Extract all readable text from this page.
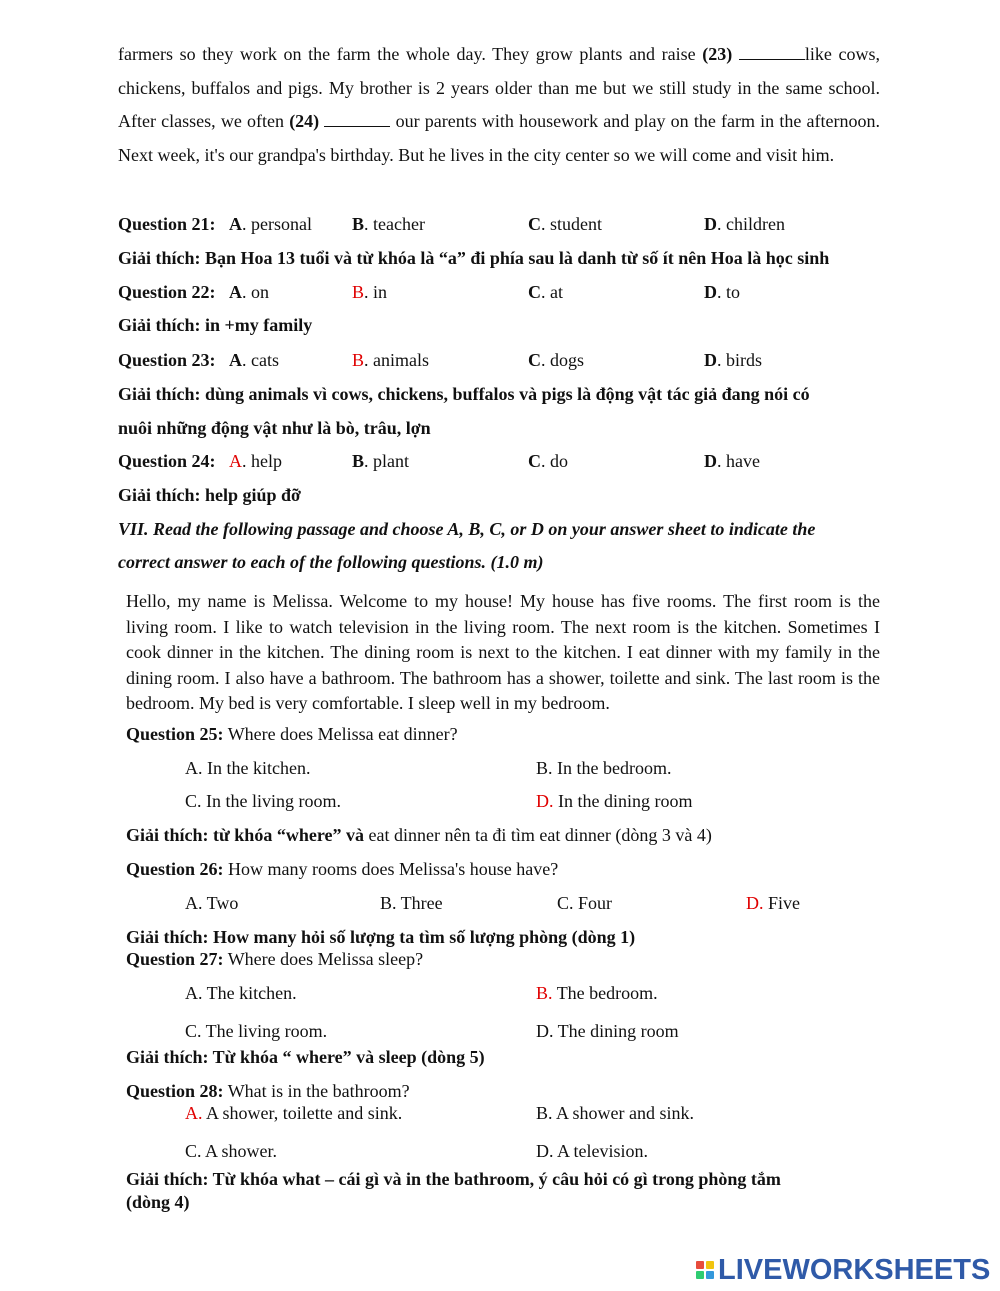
farmers so they work on the farm the whole day. They grow plants and raise (23)	like cows, chickens, buffalos and pigs. My brother is 2 years older than me but we still study in the same school. After classes, we often (24)	our parents with housework and play on the farm in the afternoon. Next week, it's our grandpa's birthday. But he lives in the city center so we will come and visit him.
Question 21: A. personal B. teacher	C. student	D. children
Giải thích: Bạn Hoa 13 tuổi và từ khóa là “a” đi phía sau là danh từ số ít nên Hoa là học sinh
Question 22: A. on	B. in	C. at	D. to
Giải thích: in +my family
Question 23: A. cats	B. animals	C. dogs	D. birds
Giải thích: dùng animals vì cows, chickens, buffalos và pigs là động vật tác giả đang nói có
nuôi những động vật như là bò, trâu, lợn
Question 24: A. help	B. plant	C. do	D. have
Giải thích: help giúp đỡ
VII. Read the following passage and choose A, B, C, or D on your answer sheet to indicate the
correct answer to each of the following questions. (1.0 m)
Hello, my name is Melissa. Welcome to my house! My house has five rooms. The first room is the living room. I like to watch television in the living room. The next room is the kitchen. Sometimes I cook dinner in the kitchen. The dining room is next to the kitchen. I eat dinner with my family in the dining room. I also have a bathroom. The bathroom has a shower, toilette and sink. The last room is the bedroom. My bed is very comfortable. I sleep well in my bedroom.
Question 25: Where does Melissa eat dinner?
A. In the kitchen.	B. In the bedroom.
C. In the living room.	D. In the dining room
Giải thích: từ khóa “where” và eat dinner nên ta đi tìm eat dinner (dòng 3 và 4)
Question 26: How many rooms does Melissa's house have?
A. Two	B. Three	C. Four	D. Five
Giải thích: How many hỏi số lượng ta tìm số lượng phòng (dòng 1)
Question 27: Where does Melissa sleep?
A. The kitchen.	B. The bedroom.
C. The living room.	D. The dining room
Giải thích: Từ khóa “ where” và sleep (dòng 5)
Question 28: What is in the bathroom?
A. A shower, toilette and sink.	B. A shower and sink.
C. A shower.	D. A television.
Giải thích: Từ khóa what – cái gì và in the bathroom, ý câu hỏi có gì trong phòng tắm
(dòng 4)
LIVEWORKSHEETS
